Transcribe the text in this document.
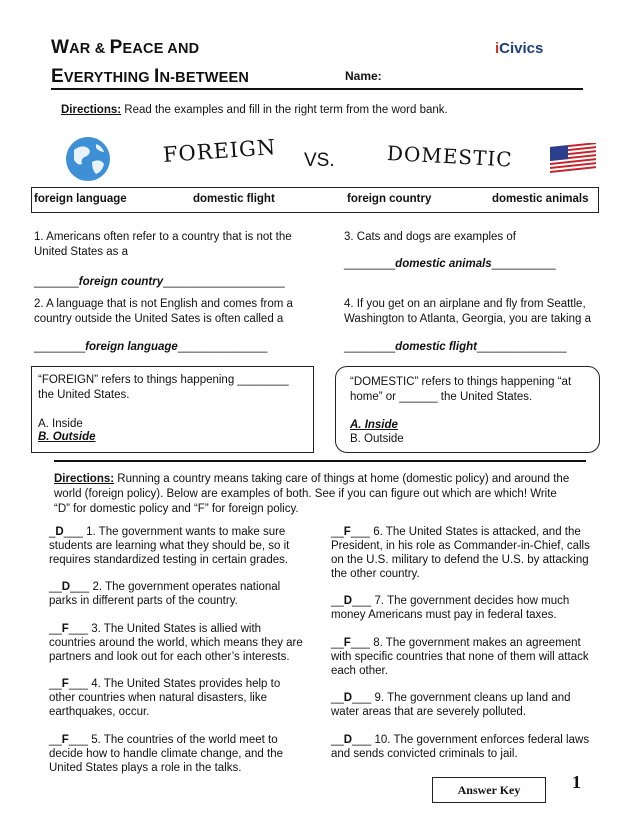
WAR & PEACE AND
EVERYTHING IN-BETWEEN	Name:
iCivics
Directions: Read the examples and fill in the right term from the word bank.
FOREIGN VS.	DOMESTIC
foreign language	domestic flight	foreign country	domestic animals
1. Americans often refer to a country that is not the United States as a
_______foreign country___________________
2. A language that is not English and comes from a country outside the United Sates is often called a
________foreign language______________
3. Cats and dogs are examples of
________domestic animals__________
4. If you get on an airplane and fly from Seattle, Washington to Atlanta, Georgia, you are taking a
________domestic flight______________
“FOREIGN” refers to things happening ________ the United States.
A. Inside
B. Outside
“DOMESTIC” refers to things happening “at home” or ______ the United States.
A. Inside
B. Outside
Directions: Running a country means taking care of things at home (domestic policy) and around the world (foreign policy). Below are examples of both. See if you can figure out which are which! Write “D” for domestic policy and “F” for foreign policy.
_D___ 1. The government wants to make sure students are learning what they should be, so it requires standardized testing in certain grades.
__D___ 2. The government operates national parks in different parts of the country.
__F___ 3. The United States is allied with countries around the world, which means they are partners and look out for each other’s interests.
__F___ 4. The United States provides help to other countries when natural disasters, like earthquakes, occur.
__F___ 5. The countries of the world meet to decide how to handle climate change, and the United States plays a role in the talks.
__F___ 6. The United States is attacked, and the President, in his role as Commander-in-Chief, calls on the U.S. military to defend the U.S. by attacking the other country.
__D___ 7. The government decides how much money Americans must pay in federal taxes.
__F___ 8. The government makes an agreement with specific countries that none of them will attack each other.
__D___ 9. The government cleans up land and water areas that are severely polluted.
__D___ 10. The government enforces federal laws and sends convicted criminals to jail.
Answer Key	1
